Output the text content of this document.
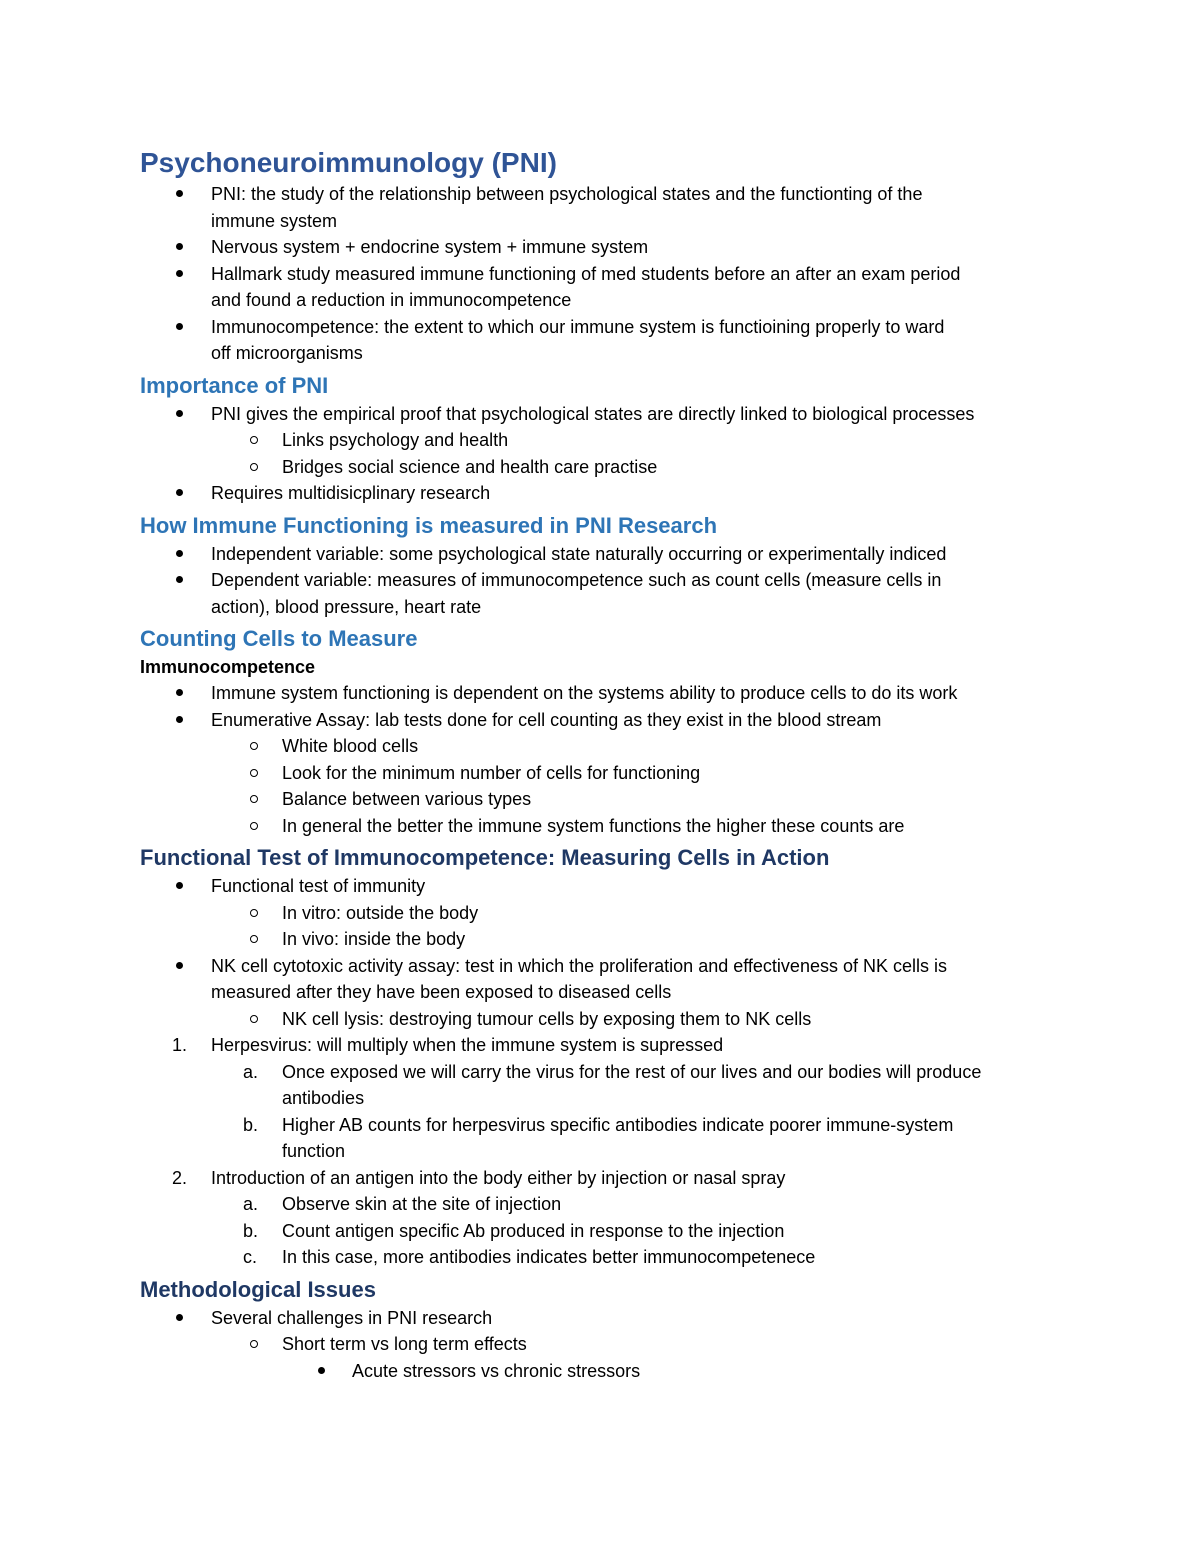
Psychoneuroimmunology (PNI)
PNI: the study of the relationship between psychological states and the functionting of the
immune system
Nervous system + endocrine system + immune system
Hallmark study measured immune functioning of med students before an after an exam period
and found a reduction in immunocompetence
Immunocompetence: the extent to which our immune system is functioining properly to ward
off microorganisms
Importance of PNI
PNI gives the empirical proof that psychological states are directly linked to biological processes
Links psychology and health
Bridges social science and health care practise
Requires multidisicplinary research
How Immune Functioning is measured in PNI Research
Independent variable: some psychological state naturally occurring or experimentally indiced
Dependent variable: measures of immunocompetence such as count cells (measure cells in
action), blood pressure, heart rate
Counting Cells to Measure
Immunocompetence
Immune system functioning is dependent on the systems ability to produce cells to do its work
Enumerative Assay: lab tests done for cell counting as they exist in the blood stream
White blood cells
Look for the minimum number of cells for functioning
Balance between various types
In general the better the immune system functions the higher these counts are
Functional Test of Immunocompetence: Measuring Cells in Action
Functional test of immunity
In vitro: outside the body
In vivo: inside the body
NK cell cytotoxic activity assay: test in which the proliferation and effectiveness of NK cells is
measured after they have been exposed to diseased cells
NK cell lysis: destroying tumour cells by exposing them to NK cells
1. Herpesvirus: will multiply when the immune system is supressed
a. Once exposed we will carry the virus for the rest of our lives and our bodies will produce
antibodies
b. Higher AB counts for herpesvirus specific antibodies indicate poorer immune-system
function
2. Introduction of an antigen into the body either by injection or nasal spray
a. Observe skin at the site of injection
b. Count antigen specific Ab produced in response to the injection
c.	In this case, more antibodies indicates better immunocompetenece
Methodological Issues
Several challenges in PNI research
Short term vs long term effects
Acute stressors vs chronic stressors
